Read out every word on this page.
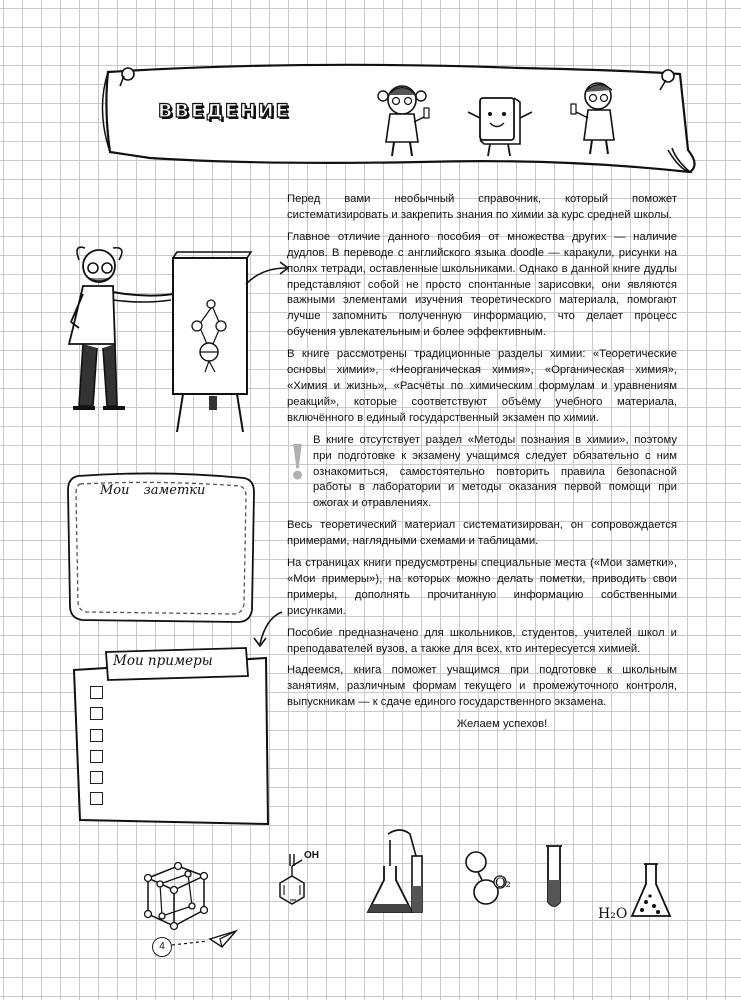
ВВЕДЕНИЕ

Перед вами необычный справочник, который поможет систематизировать и закрепить знания по химии за курс средней школы.

Главное отличие данного пособия от множества других — наличие дудлов. В переводе с английского языка doodle — каракули, рисунки на полях тетради, оставленные школьниками. Однако в данной книге дудлы представляют собой не просто спонтанные зарисовки, они являются важными элементами изучения теоретического материала, помогают лучше запомнить полученную информацию, что делает процесс обучения увлекательным и более эффективным.

В книге рассмотрены традиционные разделы химии: «Теоретические основы химии», «Неорганическая химия», «Органическая химия», «Химия и жизнь», «Расчёты по химическим формулам и уравнениям реакций», которые соответствуют объёму учебного материала, включённого в единый государственный экзамен по химии.

! В книге отсутствует раздел «Методы познания в химии», поэтому при подготовке к экзамену учащимся следует обязательно с ним ознакомиться, самостоятельно повторить правила безопасной работы в лаборатории и методы оказания первой помощи при ожогах и отравлениях.

Весь теоретический материал систематизирован, он сопровождается примерами, наглядными схемами и таблицами.

На страницах книги предусмотрены специальные места («Мои заметки», «Мои примеры»), на которых можно делать пометки, приводить свои примеры, дополнять прочитанную информацию собственными рисунками.

Пособие предназначено для школьников, студентов, учителей школ и преподавателей вузов, а также для всех, кто интересуется химией.

Надеемся, книга поможет учащимся при подготовке к школьным занятиям, различным формам текущего и промежуточного контроля, выпускникам — к сдаче единого государственного экзамена.

Желаем успехов!

Мои заметки
Мои примеры
OH
O₂
H₂O
4
